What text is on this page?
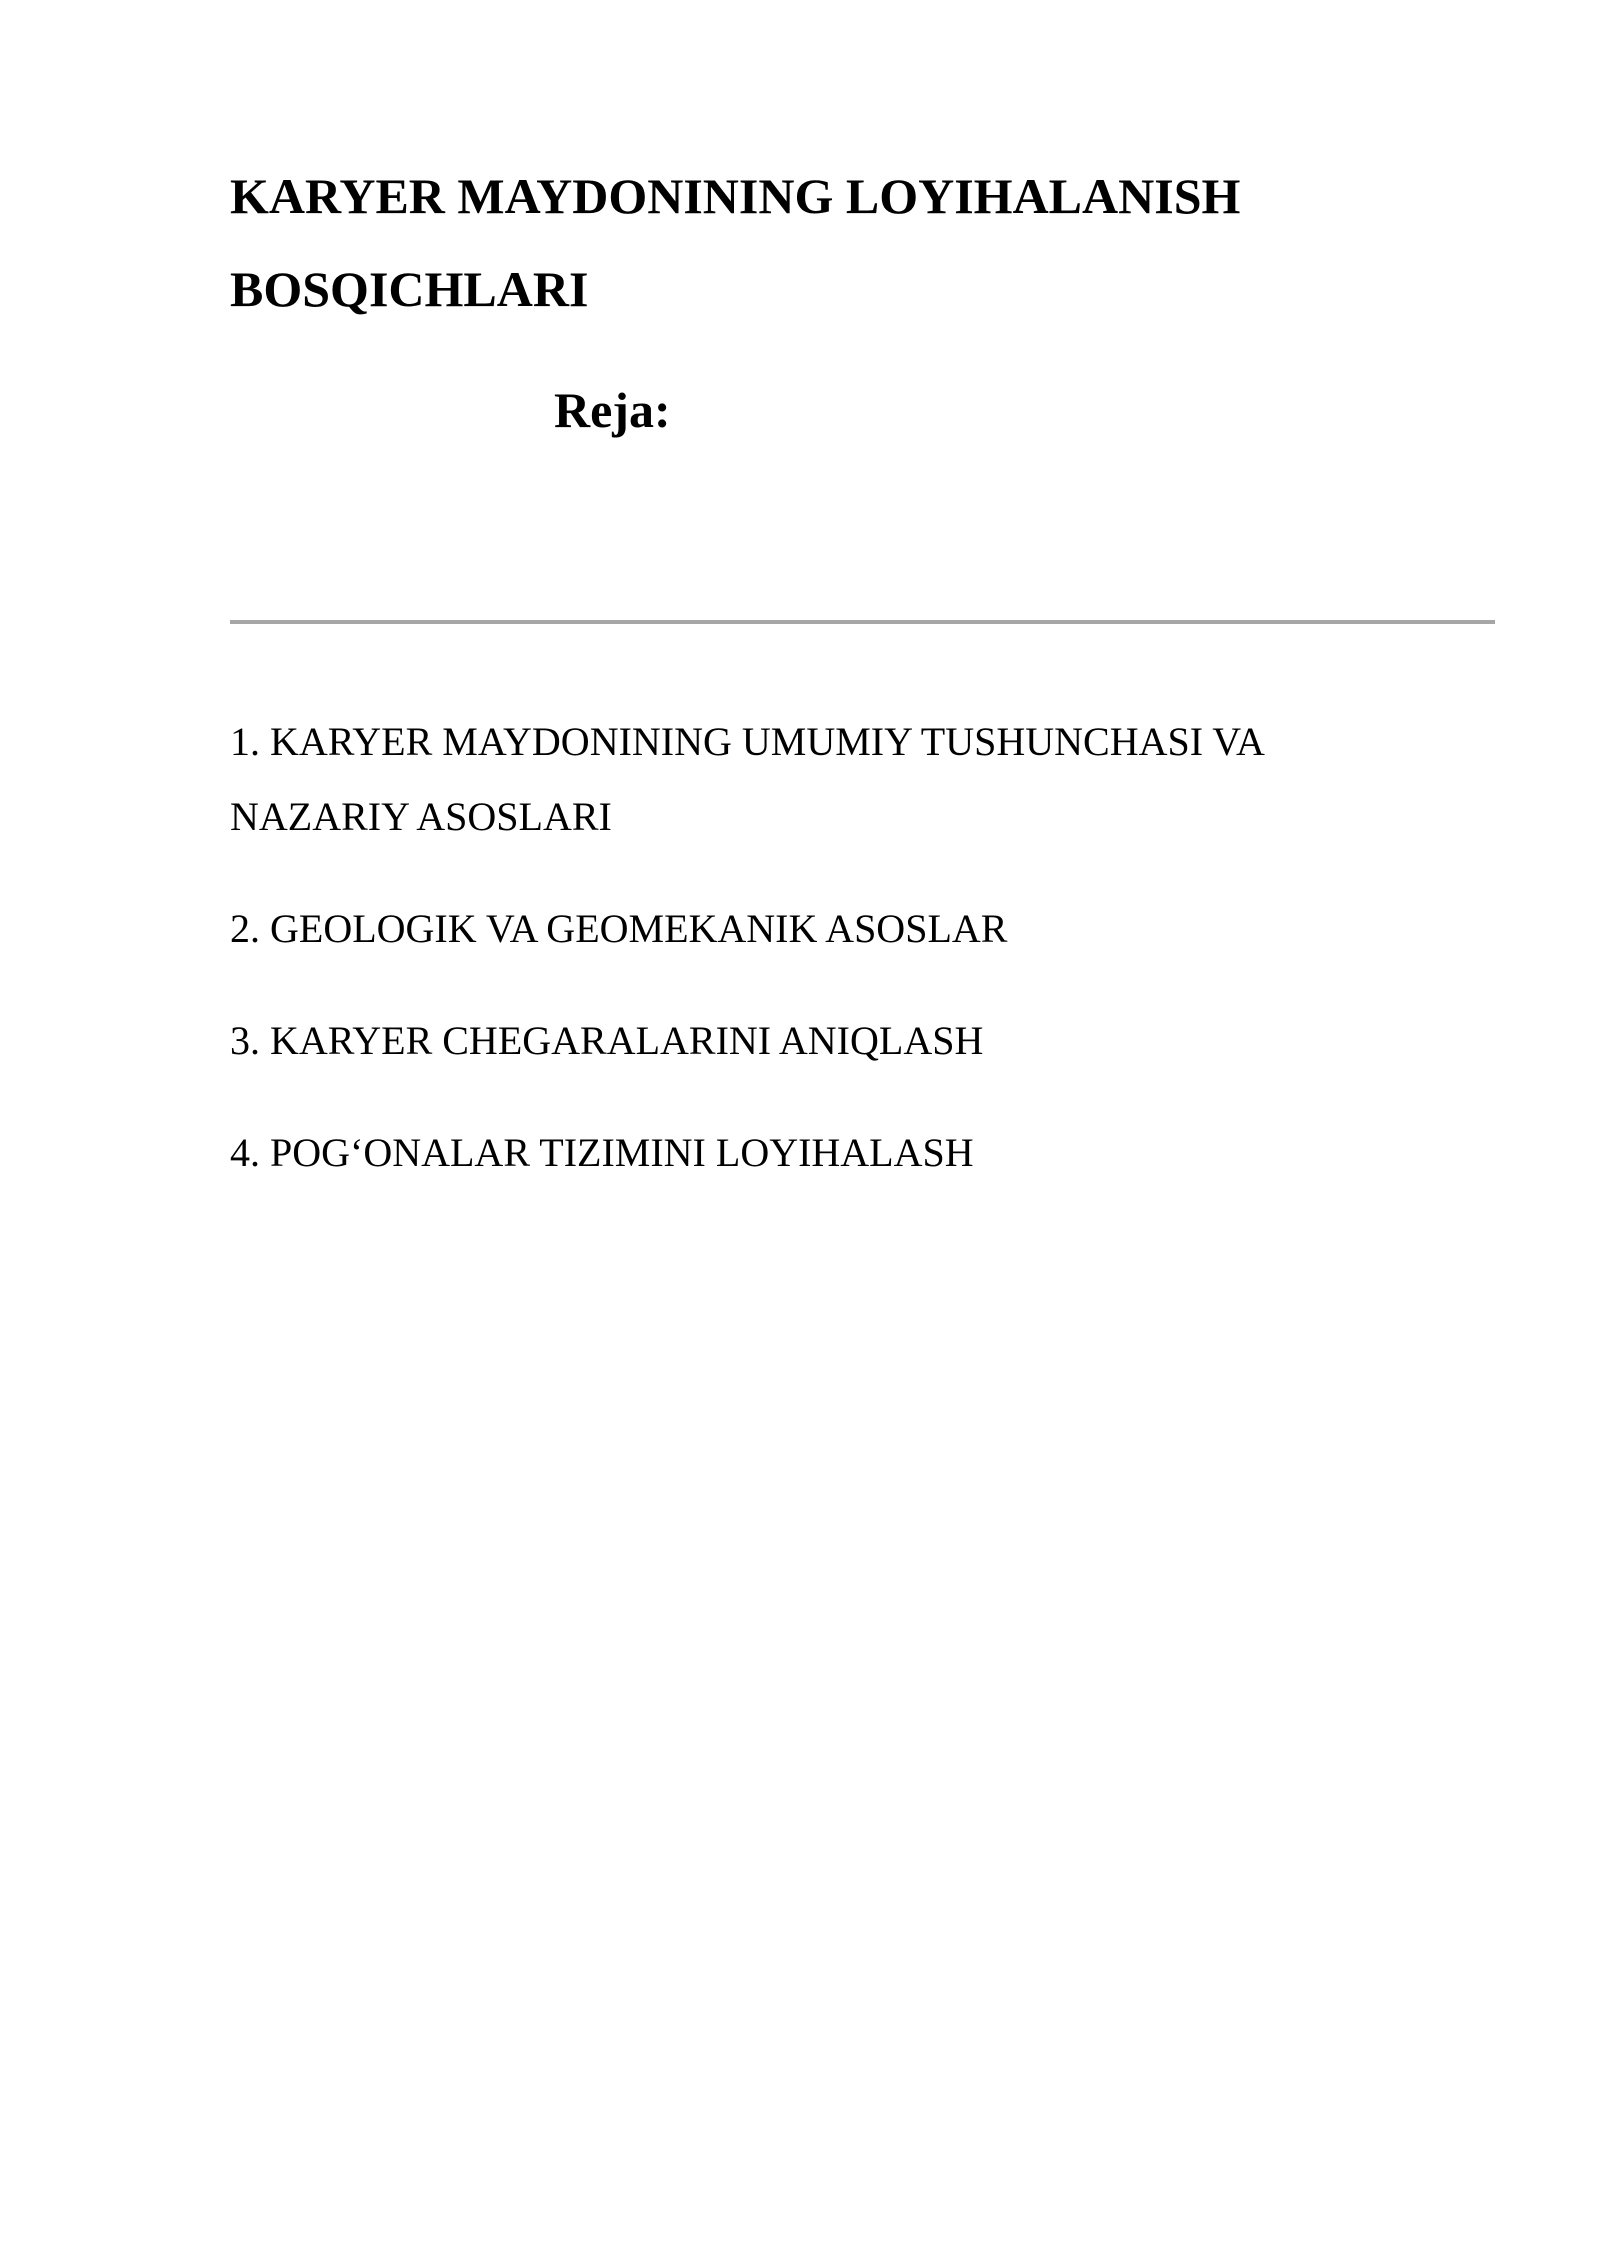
KARYER MAYDONINING LOYIHALANISH
BOSQICHLARI
Reja:
1. KARYER MAYDONINING UMUMIY TUSHUNCHASI VA
NAZARIY ASOSLARI
2. GEOLOGIK VA GEOMEKANIK ASOSLAR
3. KARYER CHEGARALARINI ANIQLASH
4. POG‘ONALAR TIZIMINI LOYIHALASH
